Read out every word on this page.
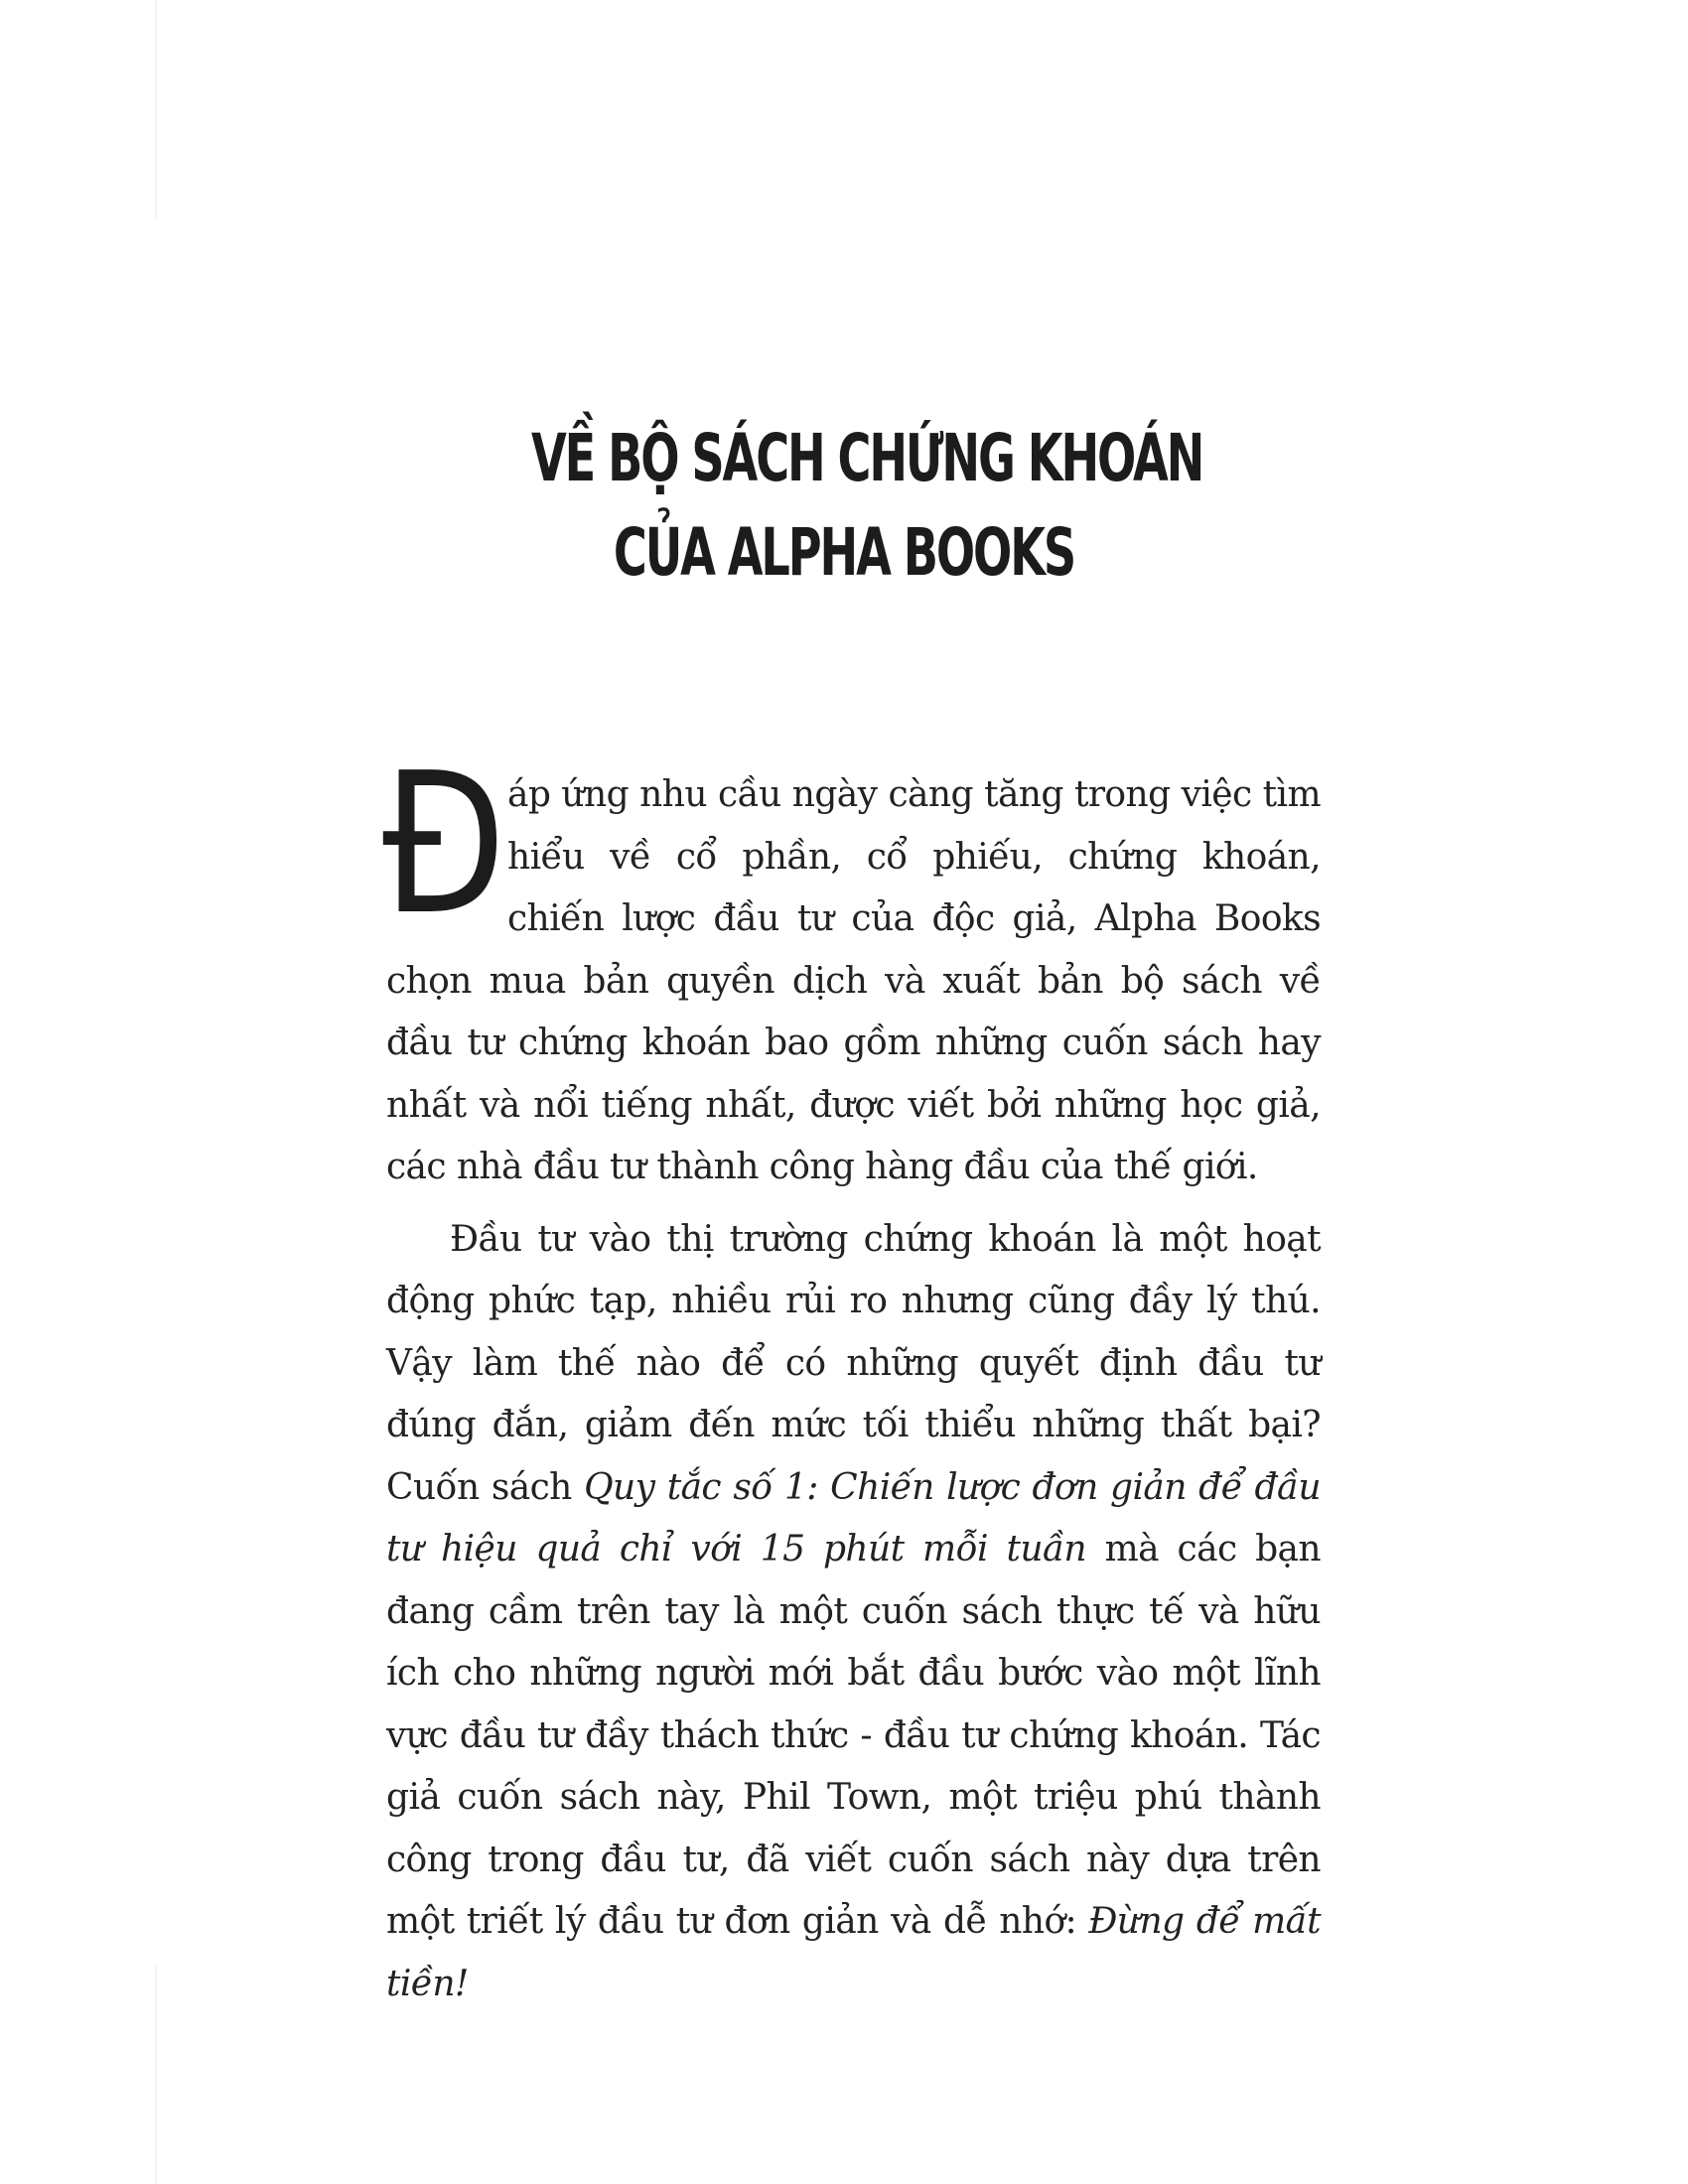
VỀ BỘ SÁCH CHỨNG KHOÁN
CỦA ALPHA BOOKS

Đáp ứng nhu cầu ngày càng tăng trong việc tìm hiểu về cổ phần, cổ phiếu, chứng khoán, chiến lược đầu tư của độc giả, Alpha Books chọn mua bản quyền dịch và xuất bản bộ sách về đầu tư chứng khoán bao gồm những cuốn sách hay nhất và nổi tiếng nhất, được viết bởi những học giả, các nhà đầu tư thành công hàng đầu của thế giới.

Đầu tư vào thị trường chứng khoán là một hoạt động phức tạp, nhiều rủi ro nhưng cũng đầy lý thú. Vậy làm thế nào để có những quyết định đầu tư đúng đắn, giảm đến mức tối thiểu những thất bại? Cuốn sách Quy tắc số 1: Chiến lược đơn giản để đầu tư hiệu quả chỉ với 15 phút mỗi tuần mà các bạn đang cầm trên tay là một cuốn sách thực tế và hữu ích cho những người mới bắt đầu bước vào một lĩnh vực đầu tư đầy thách thức - đầu tư chứng khoán. Tác giả cuốn sách này, Phil Town, một triệu phú thành công trong đầu tư, đã viết cuốn sách này dựa trên một triết lý đầu tư đơn giản và dễ nhớ: Đừng để mất tiền!
